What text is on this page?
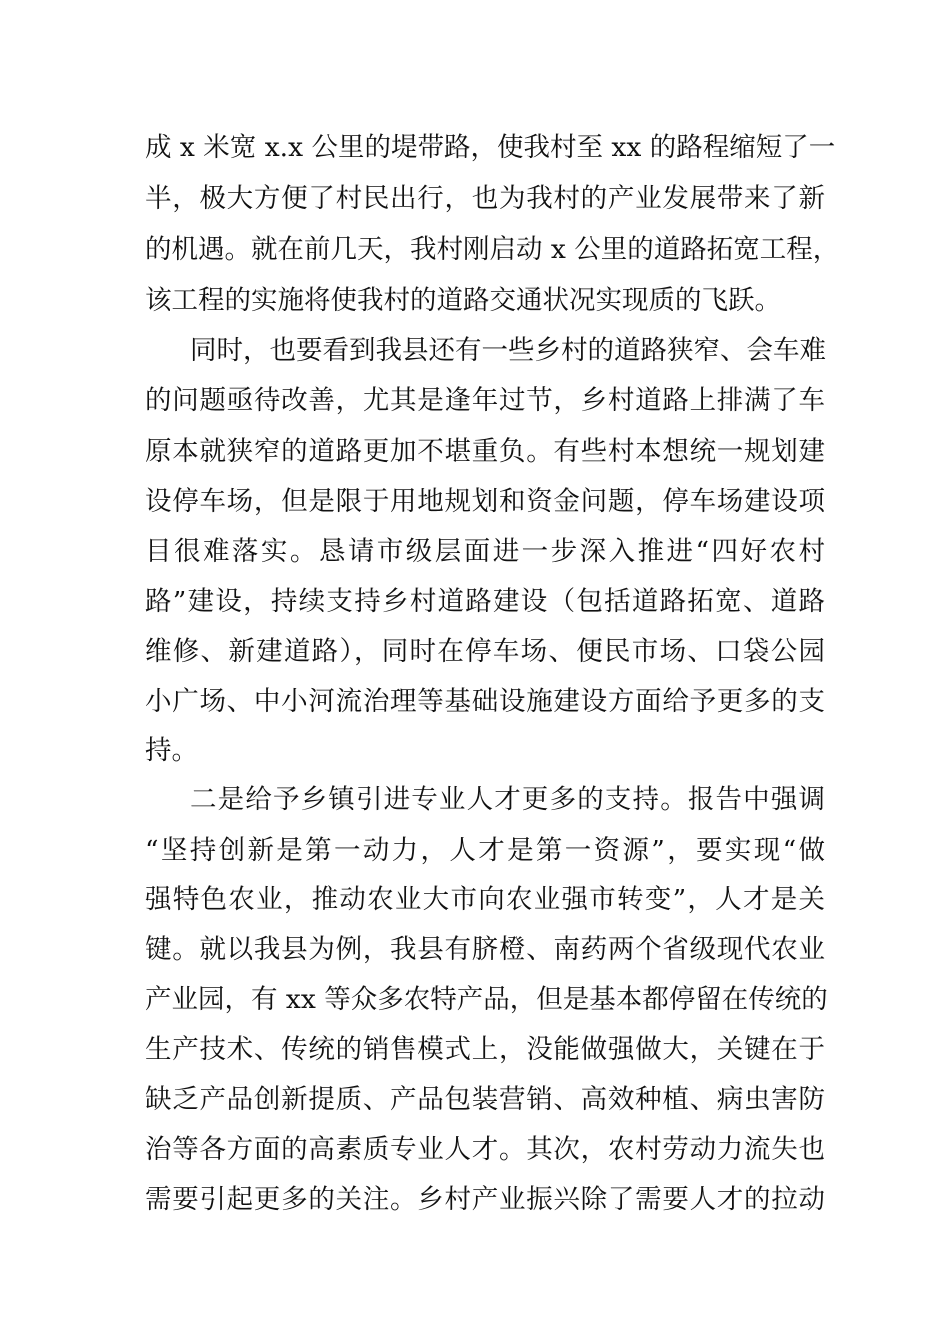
成 x 米宽 x.x 公里的堤带路，使我村至 xx 的路程缩短了一
半，极大方便了村民出行，也为我村的产业发展带来了新
的机遇。就在前几天，我村刚启动 x 公里的道路拓宽工程，
该工程的实施将使我村的道路交通状况实现质的飞跃。
同时，也要看到我县还有一些乡村的道路狭窄、会车难
的问题亟待改善，尤其是逢年过节，乡村道路上排满了车
原本就狭窄的道路更加不堪重负。有些村本想统一规划建
设停车场，但是限于用地规划和资金问题，停车场建设项
目很难落实。恳请市级层面进一步深入推进“四好农村
路”建设，持续支持乡村道路建设（包括道路拓宽、道路
维修、新建道路），同时在停车场、便民市场、口袋公园
小广场、中小河流治理等基础设施建设方面给予更多的支
持。
二是给予乡镇引进专业人才更多的支持。报告中强调
“坚持创新是第一动力，人才是第一资源”，要实现“做
强特色农业，推动农业大市向农业强市转变”，人才是关
键。就以我县为例，我县有脐橙、南药两个省级现代农业
产业园，有 xx 等众多农特产品，但是基本都停留在传统的
生产技术、传统的销售模式上，没能做强做大，关键在于
缺乏产品创新提质、产品包装营销、高效种植、病虫害防
治等各方面的高素质专业人才。其次，农村劳动力流失也
需要引起更多的关注。乡村产业振兴除了需要人才的拉动
